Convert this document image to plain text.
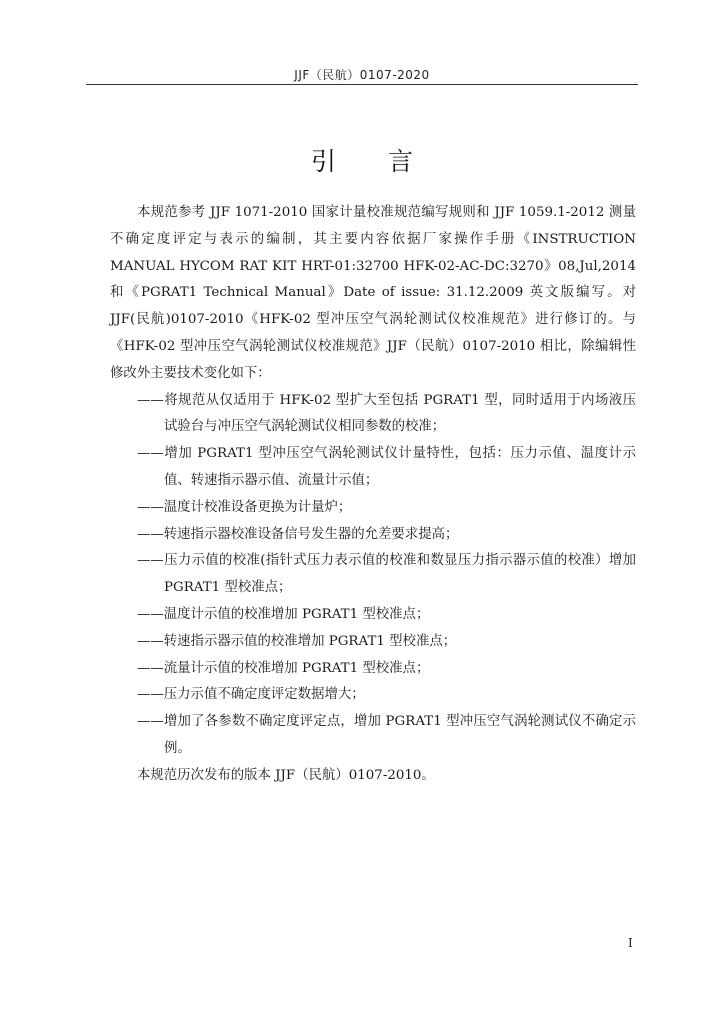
JJF（民航）0107-2020
引 言

本规范参考 JJF 1071-2010 国家计量校准规范编写规则和 JJF 1059.1-2012 测量不确定度评定与表示的编制，其主要内容依据厂家操作手册《INSTRUCTION MANUAL HYCOM RAT KIT HRT-01:32700 HFK-02-AC-DC:3270》08,Jul,2014 和《PGRAT1 Technical Manual》Date of issue: 31.12.2009 英文版编写。对 JJF(民航)0107-2010《HFK-02 型冲压空气涡轮测试仪校准规范》进行修订的。与《HFK-02 型冲压空气涡轮测试仪校准规范》JJF（民航）0107-2010 相比，除编辑性修改外主要技术变化如下：

——将规范从仅适用于 HFK-02 型扩大至包括 PGRAT1 型，同时适用于内场液压试验台与冲压空气涡轮测试仪相同参数的校准；

——增加 PGRAT1 型冲压空气涡轮测试仪计量特性，包括：压力示值、温度计示值、转速指示器示值、流量计示值；

——温度计校准设备更换为计量炉；

——转速指示器校准设备信号发生器的允差要求提高；

——压力示值的校准(指针式压力表示值的校准和数显压力指示器示值的校准）增加 PGRAT1 型校准点；

——温度计示值的校准增加 PGRAT1 型校准点；

——转速指示器示值的校准增加 PGRAT1 型校准点；

——流量计示值的校准增加 PGRAT1 型校准点；

——压力示值不确定度评定数据增大；

——增加了各参数不确定度评定点，增加 PGRAT1 型冲压空气涡轮测试仪不确定示例。

本规范历次发布的版本 JJF（民航）0107-2010。

I
